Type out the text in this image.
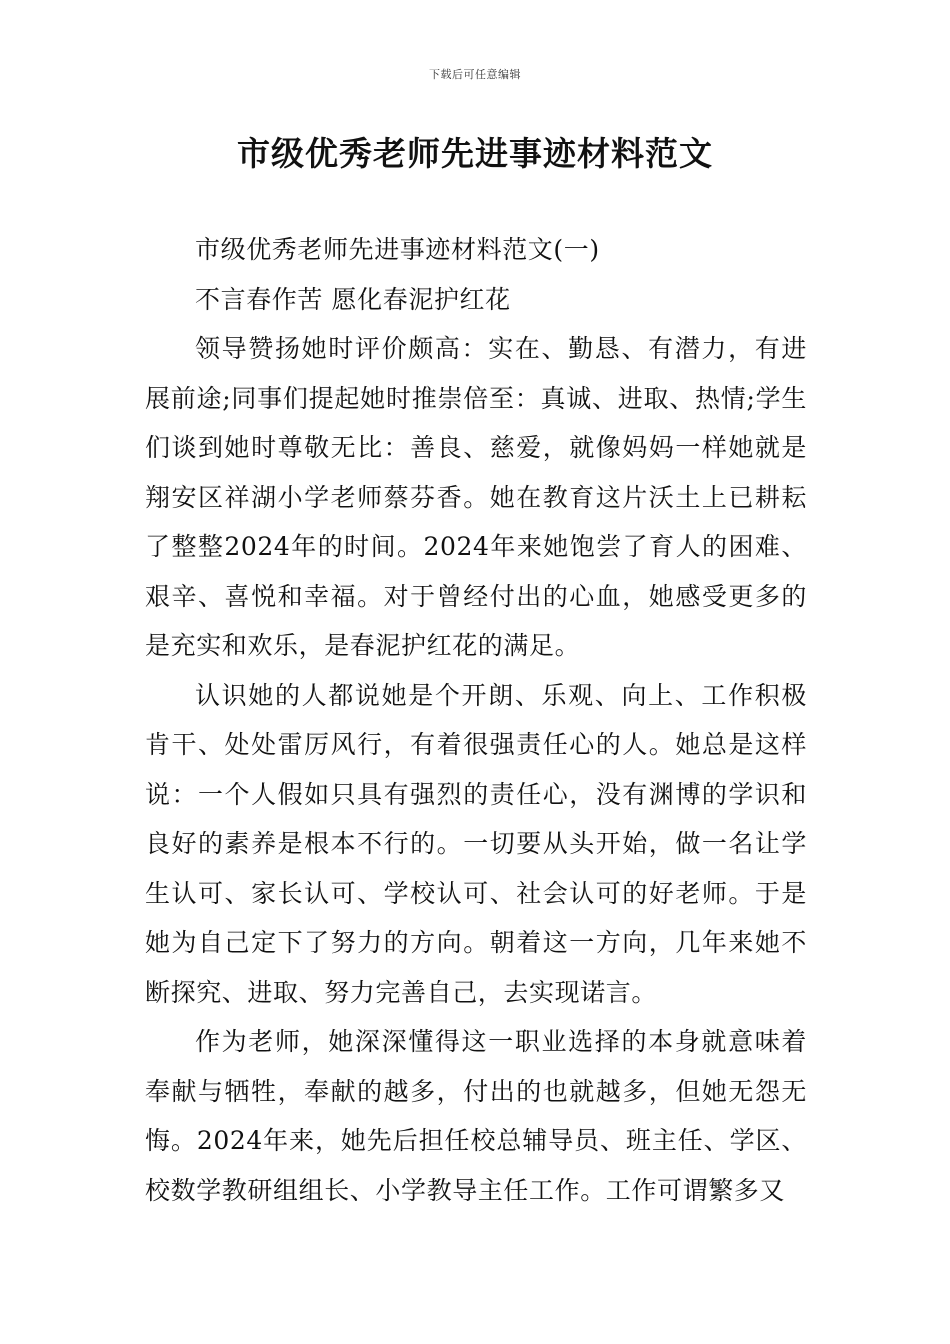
下载后可任意编辑
市级优秀老师先进事迹材料范文

市级优秀老师先进事迹材料范文(一)

不言春作苦 愿化春泥护红花

领导赞扬她时评价颇高：实在、勤恳、有潜力，有进展前途;同事们提起她时推崇倍至：真诚、进取、热情;学生们谈到她时尊敬无比：善良、慈爱，就像妈妈一样她就是翔安区祥湖小学老师蔡芬香。她在教育这片沃土上已耕耘了整整2024年的时间。2024年来她饱尝了育人的困难、艰辛、喜悦和幸福。对于曾经付出的心血，她感受更多的是充实和欢乐，是春泥护红花的满足。

认识她的人都说她是个开朗、乐观、向上、工作积极肯干、处处雷厉风行，有着很强责任心的人。她总是这样说：一个人假如只具有强烈的责任心，没有渊博的学识和良好的素养是根本不行的。一切要从头开始，做一名让学生认可、家长认可、学校认可、社会认可的好老师。于是她为自己定下了努力的方向。朝着这一方向，几年来她不断探究、进取、努力完善自己，去实现诺言。

作为老师，她深深懂得这一职业选择的本身就意味着奉献与牺牲，奉献的越多，付出的也就越多，但她无怨无悔。2024年来，她先后担任校总辅导员、班主任、学区、校数学教研组组长、小学教导主任工作。工作可谓繁多又
